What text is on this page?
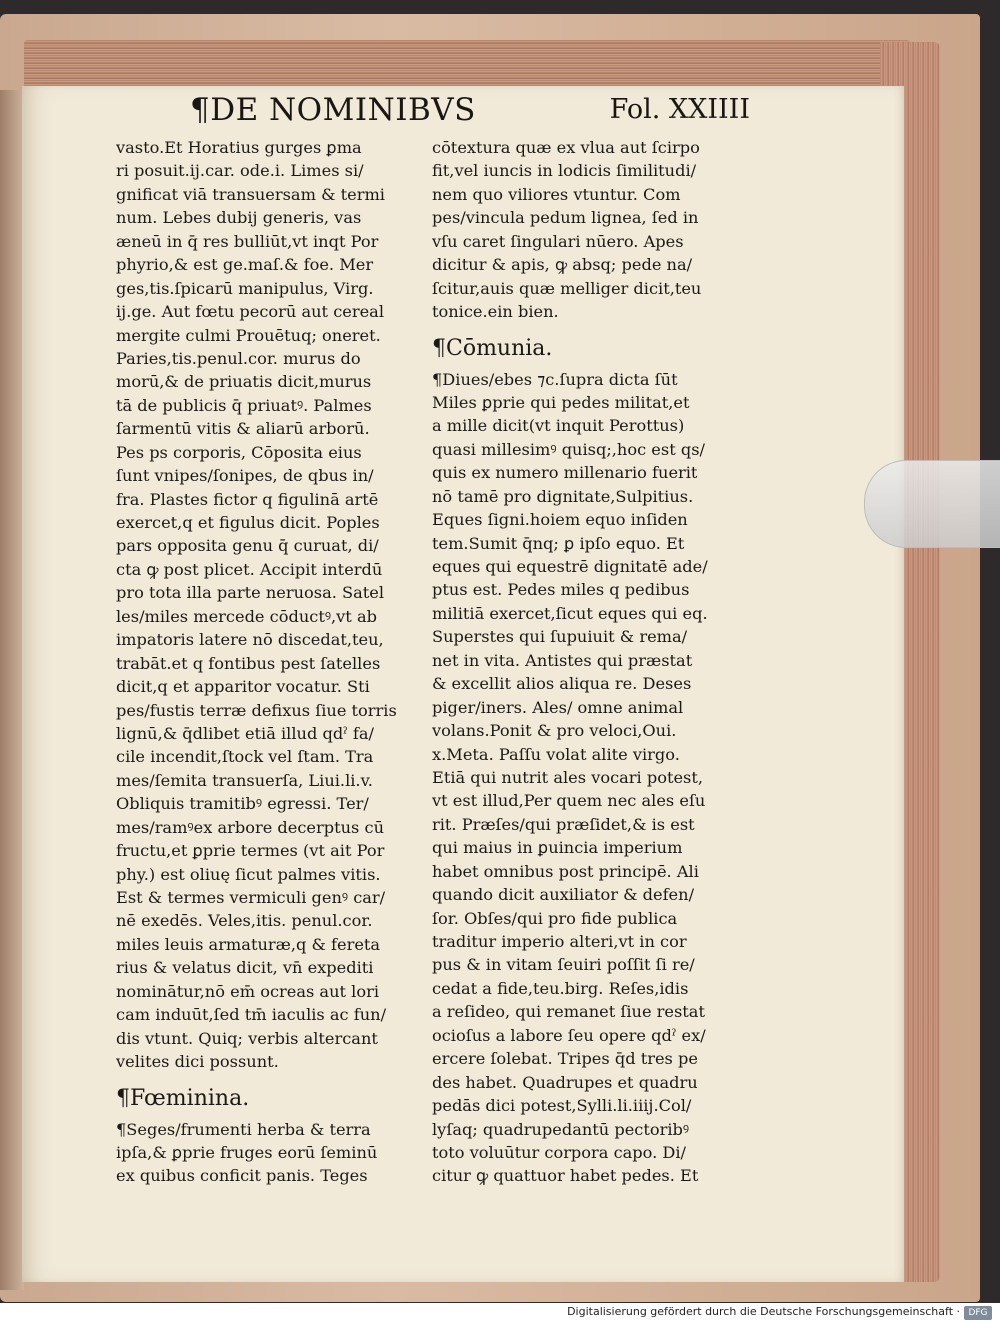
¶DE NOMINIBVS	Fol. XXIIII
vasto.Et Horatius gurges ꝑma
ri posuit.ij.car. ode.i. Limes si/
gnificat viā transuersam & termi
num. Lebes dubij generis, vas
æneū in q̄ res bulliūt,vt inqt Por
phyrio,& est ge.maſ.& foe. Mer
ges,tis.ſpicarū manipulus, Virg.
ij.ge. Aut fœtu pecorū aut cereal
mergite culmi Prouētuq; oneret.
Paries,tis.penul.cor. murus do
morū,& de priuatis dicit,murus
tā de publicis q̄ priuatꝰ. Palmes
ſarmentū vitis & aliarū arborū.
Pes ps corporis, Cōposita eius
ſunt vnipes/ſonipes, de qbus in/
fra. Plastes fictor q figulinā artē
exercet,q et figulus dicit. Poples
pars opposita genu q̄ curuat, di/
cta ꝙ post plicet. Accipit interdū
pro tota illa parte neruosa. Satel
les/miles mercede cōductꝰ,vt ab
impatoris latere nō discedat,teu,
trabāt.et q fontibus pest ſatelles
dicit,q et apparitor vocatur. Sti
pes/fustis terræ defixus ſiue torris
lignū,& q̄dlibet etiā illud qdˀ fa/
cile incendit,ſtock vel ſtam. Tra
mes/ſemita transuerſa, Liui.li.v.
Obliquis tramitibꝰ egressi. Ter/
mes/ramꝰex arbore decerptus cū
fructu,et ꝑprie termes (vt ait Por
phy.) est oliuę ſicut palmes vitis.
Est & termes vermiculi genꝰ car/
nē exedēs. Veles,itis. penul.cor.
miles leuis armaturæ,q & fereta
rius & velatus dicit, vn̄ expediti
nominātur,nō em̄ ocreas aut lori
cam induūt,ſed tm̄ iaculis ac fun/
dis vtunt. Quiq; verbis altercant
velites dici possunt.
¶Fœminina.
¶Seges/frumenti herba & terra
ipſa,& ꝑprie fruges eorū ſeminū
ex quibus conficit panis. Teges
cōtextura quæ ex vlua aut ſcirpo
fit,vel iuncis in lodicis ſimilitudi/
nem quo viliores vtuntur. Com
pes/vincula pedum lignea, ſed in
vſu caret ſingulari nūero. Apes
dicitur & apis, ꝙ absq; pede na/
ſcitur,auis quæ melliger dicit,teu
tonice.ein bien.
¶Cōmunia.
¶Diues/ebes ⁊c.ſupra dicta ſūt
Miles ꝑprie qui pedes militat,et
a mille dicit(vt inquit Perottus)
quasi millesimꝰ quisq;,hoc est qs/
quis ex numero millenario fuerit
nō tamē pro dignitate,Sulpitius.
Eques ſigni.hoiem equo inſiden
tem.Sumit q̄nq; ꝑ ipſo equo. Et
eques qui equestrē dignitatē ade/
ptus est. Pedes miles q pedibus
militiā exercet,ſicut eques qui eq.
Superstes qui ſupuiuit & rema/
net in vita. Antistes qui præstat
& excellit alios aliqua re. Deses
piger/iners. Ales/ omne animal
volans.Ponit & pro veloci,Oui.
x.Meta. Paſſu volat alite virgo.
Etiā qui nutrit ales vocari potest,
vt est illud,Per quem nec ales eſu
rit. Præſes/qui præſidet,& is est
qui maius in ꝑuincia imperium
habet omnibus post principē. Ali
quando dicit auxiliator & defen/
ſor. Obſes/qui pro fide publica
traditur imperio alteri,vt in cor
pus & in vitam ſeuiri poſſit ſi re/
cedat a fide,teu.birg. Reſes,idis
a reſideo, qui remanet ſiue restat
ocioſus a labore ſeu opere qdˀ ex/
ercere ſolebat. Tripes q̄d tres pe
des habet. Quadrupes et quadru
pedās dici potest,Sylli.li.iiij.Col/
lyſaq; quadrupedantū pectoribꝰ
toto voluūtur corpora capo. Di/
citur ꝙ quattuor habet pedes. Et
Digitalisierung gefördert durch die Deutsche Forschungsgemeinschaft · DFG
